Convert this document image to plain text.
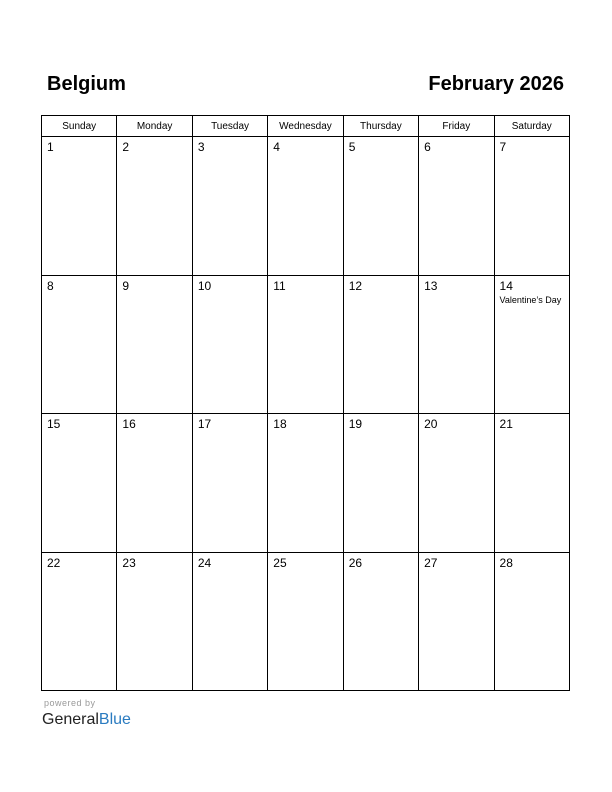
Belgium	February 2026
Sunday	Monday	Tuesday	Wednesday	Thursday	Friday	Saturday

1	2	3	4	5	6	7

8	9	10	11	12	13	14
Valentine’s Day

15	16	17	18	19	20	21

22	23	24	25	26	27	28
powered by
GeneralBlue
